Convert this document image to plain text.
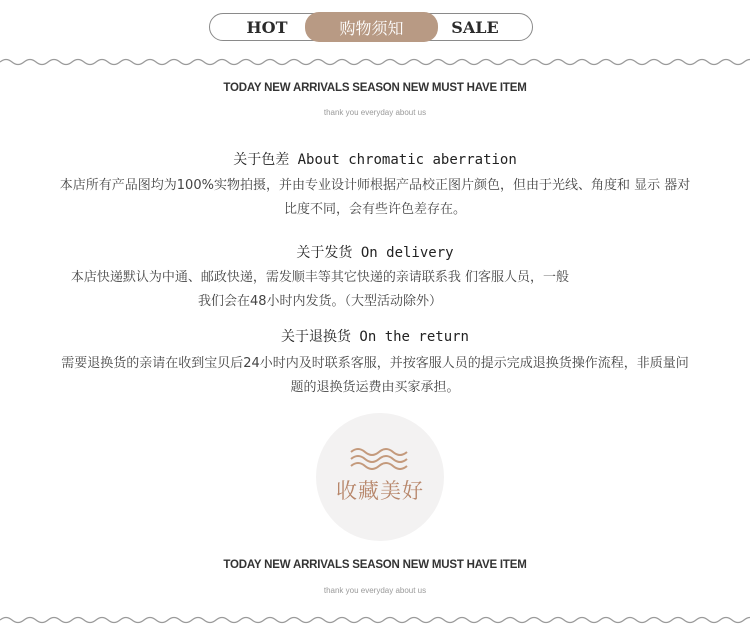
HOT	购物须知	SALE
TODAY NEW ARRIVALS SEASON NEW MUST HAVE ITEM
thank you everyday about us
关于色差 About chromatic aberration
本店所有产品图均为100%实物拍摄，并由专业设计师根据产品校正图片颜色，但由于光线、角度和 显示 器对
比度不同，会有些许色差存在。
关于发货 On delivery
本店快递默认为中通、邮政快递，需发顺丰等其它快递的亲请联系我 们客服人员，一般
我们会在48小时内发货。（大型活动除外）
关于退换货 On the return
需要退换货的亲请在收到宝贝后24小时内及时联系客服，并按客服人员的提示完成退换货操作流程，非质量问
题的退换货运费由买家承担。
收藏美好
TODAY NEW ARRIVALS SEASON NEW MUST HAVE ITEM
thank you everyday about us
